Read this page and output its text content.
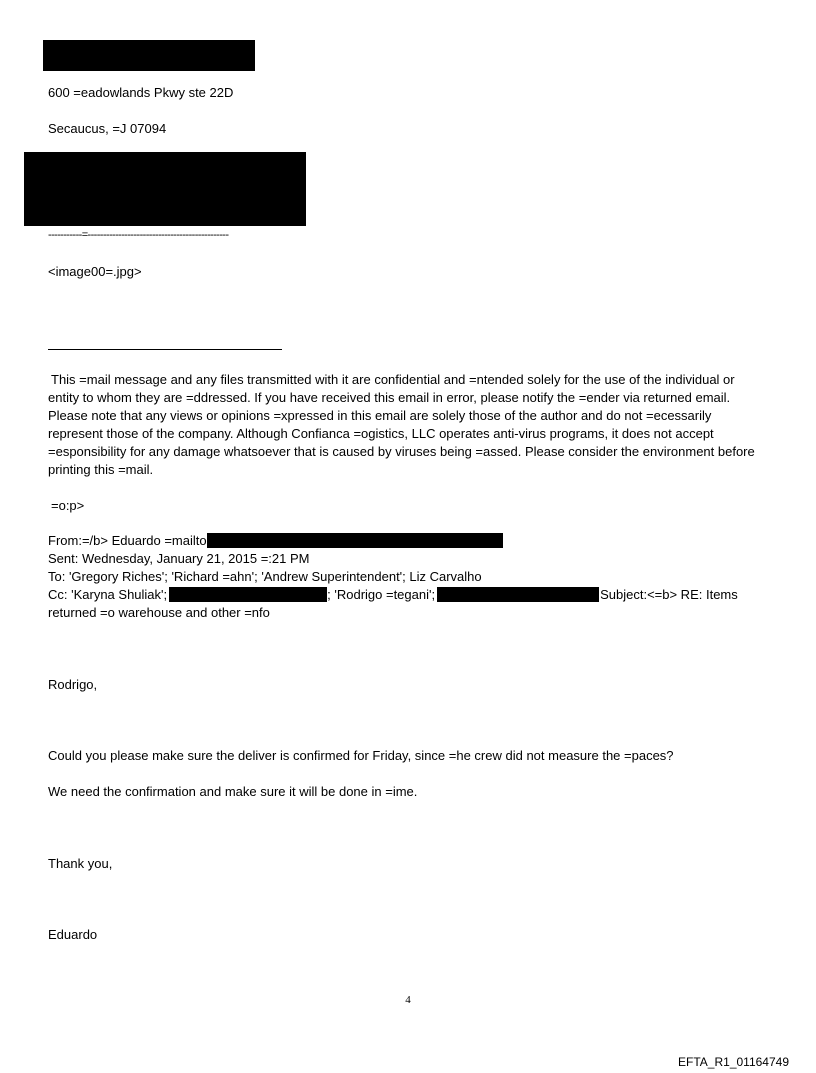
600 =eadowlands Pkwy ste 22D
Secaucus, =J 07094
-----------=----------------------------------------------
<image00=.jpg>
This =mail message and any files transmitted with it are confidential and =ntended solely for the use of the individual or entity to whom they are =ddressed. If you have received this email in error, please notify the =ender via returned email. Please note that any views or opinions =xpressed in this email are solely those of the author and do not =ecessarily represent those of the company. Although Confianca =ogistics, LLC operates anti-virus programs, it does not accept =esponsibility for any damage whatsoever that is caused by viruses being =assed. Please consider the environment before printing this =mail.
=o:p>
From:=/b> Eduardo =mailto
Sent: Wednesday, January 21, 2015 =:21 PM
To: 'Gregory Riches'; 'Richard =ahn'; 'Andrew Superintendent'; Liz Carvalho
Cc: 'Karyna Shuliak';	; 'Rodrigo =tegani';	Subject:<=b> RE: Items
returned =o warehouse and other =nfo
Rodrigo,
Could you please make sure the deliver is confirmed for Friday, since =he crew did not measure the =paces?
We need the confirmation and make sure it will be done in =ime.
Thank you,
Eduardo
4
EFTA_R1_01164749
